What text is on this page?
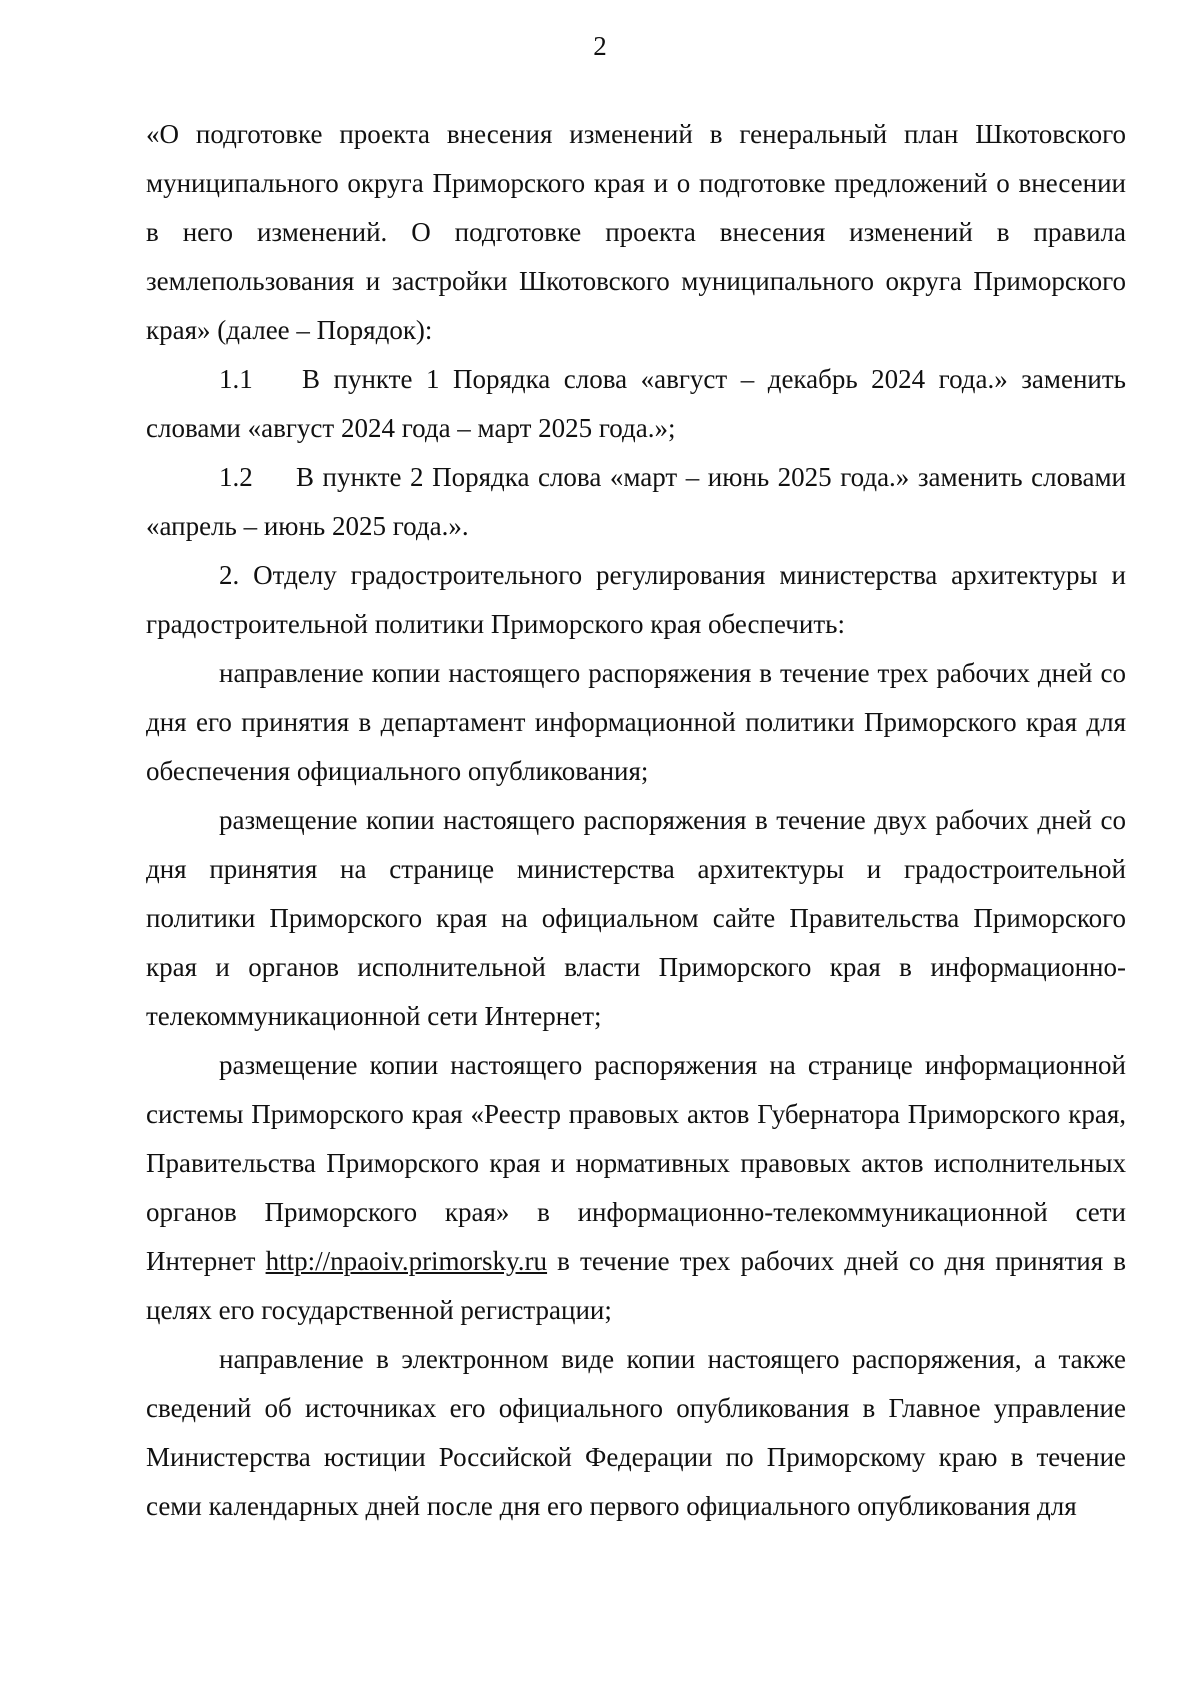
2

«О подготовке проекта внесения изменений в генеральный план Шкотовского муниципального округа Приморского края и о подготовке предложений о внесении в него изменений. О подготовке проекта внесения изменений в правила землепользования и застройки Шкотовского муниципального округа Приморского края» (далее – Порядок):

1.1 В пункте 1 Порядка слова «август – декабрь 2024 года.» заменить словами «август 2024 года – март 2025 года.»;

1.2 В пункте 2 Порядка слова «март – июнь 2025 года.» заменить словами «апрель – июнь 2025 года.».

2. Отделу градостроительного регулирования министерства архитектуры и градостроительной политики Приморского края обеспечить:

направление копии настоящего распоряжения в течение трех рабочих дней со дня его принятия в департамент информационной политики Приморского края для обеспечения официального опубликования;

размещение копии настоящего распоряжения в течение двух рабочих дней со дня принятия на странице министерства архитектуры и градостроительной политики Приморского края на официальном сайте Правительства Приморского края и органов исполнительной власти Приморского края в информационно-телекоммуникационной сети Интернет;

размещение копии настоящего распоряжения на странице информационной системы Приморского края «Реестр правовых актов Губернатора Приморского края, Правительства Приморского края и нормативных правовых актов исполнительных органов Приморского края» в информационно-телекоммуникационной сети Интернет http://npaoiv.primorsky.ru в течение трех рабочих дней со дня принятия в целях его государственной регистрации;

направление в электронном виде копии настоящего распоряжения, а также сведений об источниках его официального опубликования в Главное управление Министерства юстиции Российской Федерации по Приморскому краю в течение семи календарных дней после дня его первого официального опубликования для
